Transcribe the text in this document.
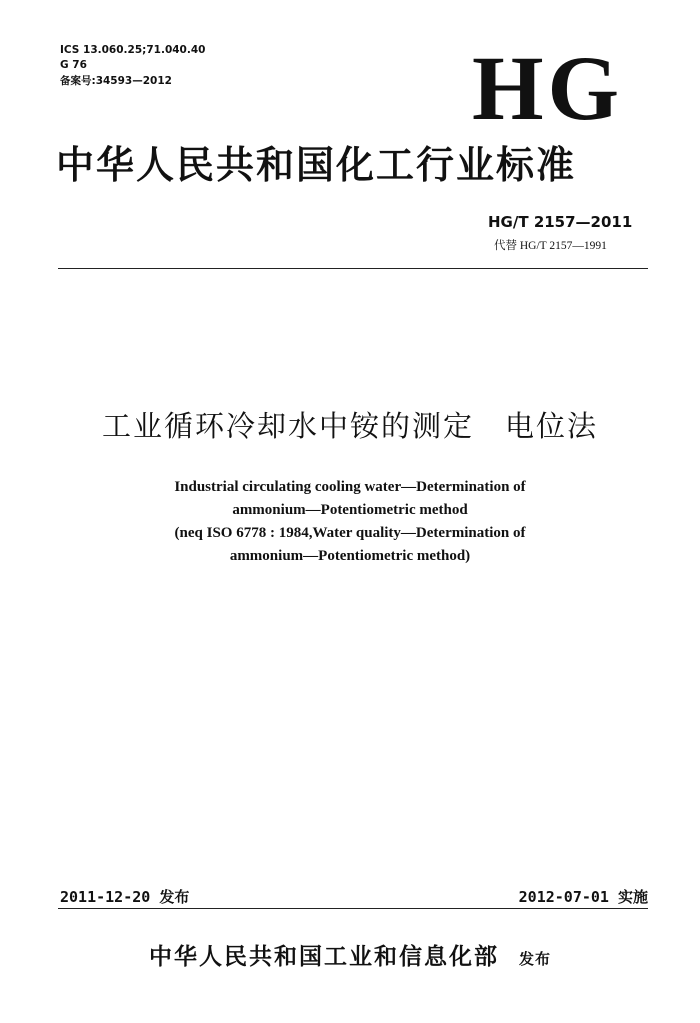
ICS 13.060.25;71.040.40
G 76
备案号:34593—2012	HG
中华人民共和国化工行业标准
HG/T 2157—2011
代替 HG/T 2157—1991
工业循环冷却水中铵的测定　电位法
Industrial circulating cooling water—Determination of
ammonium—Potentiometric method
(neq ISO 6778 : 1984,Water quality—Determination of
ammonium—Potentiometric method)
2011-12-20 发布	2012-07-01 实施
中华人民共和国工业和信息化部 发布
